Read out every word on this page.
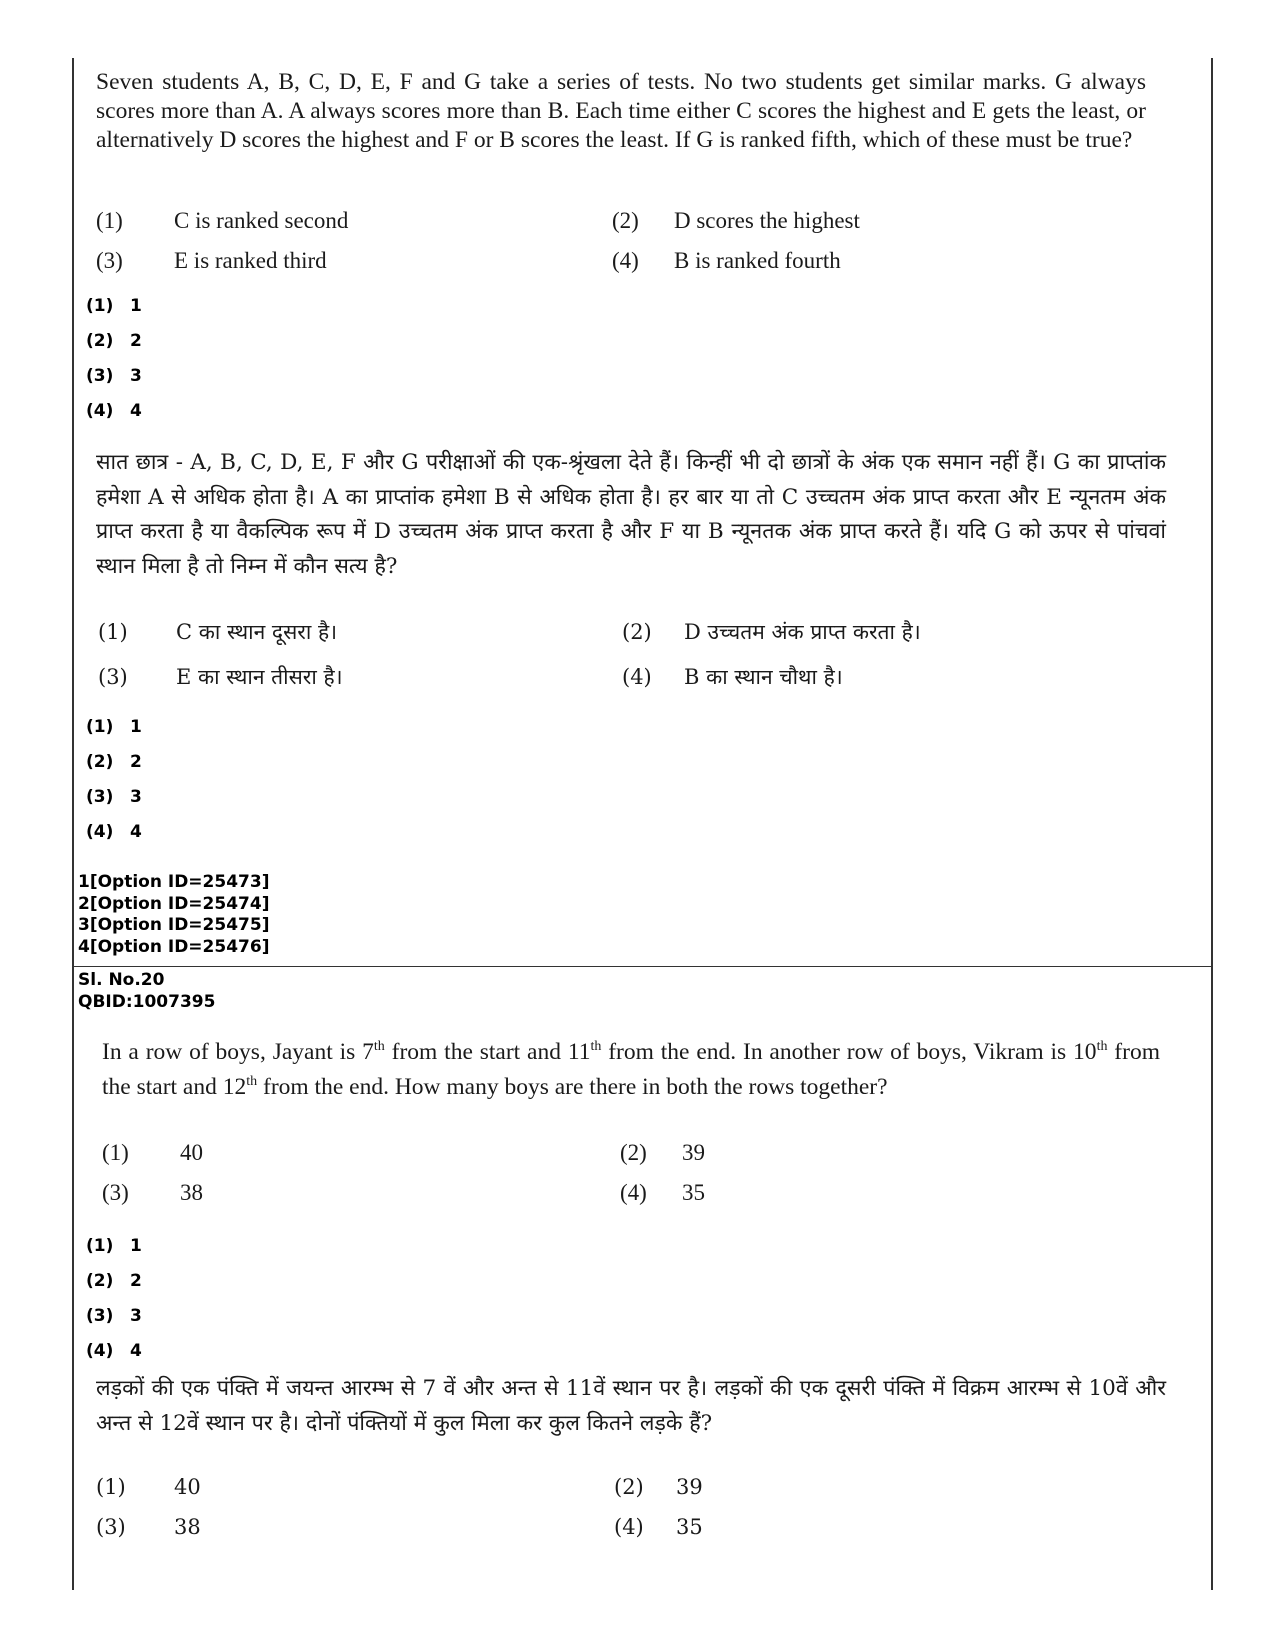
Seven students A, B, C, D, E, F and G take a series of tests. No two students get similar marks. G always scores more than A. A always scores more than B. Each time either C scores the highest and E gets the least, or alternatively D scores the highest and F or B scores the least. If G is ranked fifth, which of these must be true?

(1) C is ranked second	(2) D scores the highest
(3) E is ranked third	(4) B is ranked fourth
(1) 1
(2) 2
(3) 3
(4) 4

सात छात्र - A, B, C, D, E, F और G परीक्षाओं की एक-श्रृंखला देते हैं। किन्हीं भी दो छात्रों के अंक एक समान नहीं हैं। G का प्राप्तांक हमेशा A से अधिक होता है। A का प्राप्तांक हमेशा B से अधिक होता है। हर बार या तो C उच्चतम अंक प्राप्त करता और E न्यूनतम अंक प्राप्त करता है या वैकल्पिक रूप में D उच्चतम अंक प्राप्त करता है और F या B न्यूनतक अंक प्राप्त करते हैं। यदि G को ऊपर से पांचवां स्थान मिला है तो निम्न में कौन सत्य है?

(1) C का स्थान दूसरा है।	(2) D उच्चतम अंक प्राप्त करता है।
(3) E का स्थान तीसरा है।	(4) B का स्थान चौथा है।
(1) 1
(2) 2
(3) 3
(4) 4
1[Option ID=25473]
2[Option ID=25474]
3[Option ID=25475]
4[Option ID=25476]
Sl. No.20
QBID:1007395

In a row of boys, Jayant is 7th from the start and 11th from the end. In another row of boys, Vikram is 10th from the start and 12th from the end. How many boys are there in both the rows together?

(1) 40	(2) 39
(3) 38	(4) 35
(1) 1
(2) 2
(3) 3
(4) 4

लड़कों की एक पंक्ति में जयन्त आरम्भ से 7 वें और अन्त से 11वें स्थान पर है। लड़कों की एक दूसरी पंक्ति में विक्रम आरम्भ से 10वें और अन्त से 12वें स्थान पर है। दोनों पंक्तियों में कुल मिला कर कुल कितने लड़के हैं?

(1) 40	(2) 39
(3) 38	(4) 35
